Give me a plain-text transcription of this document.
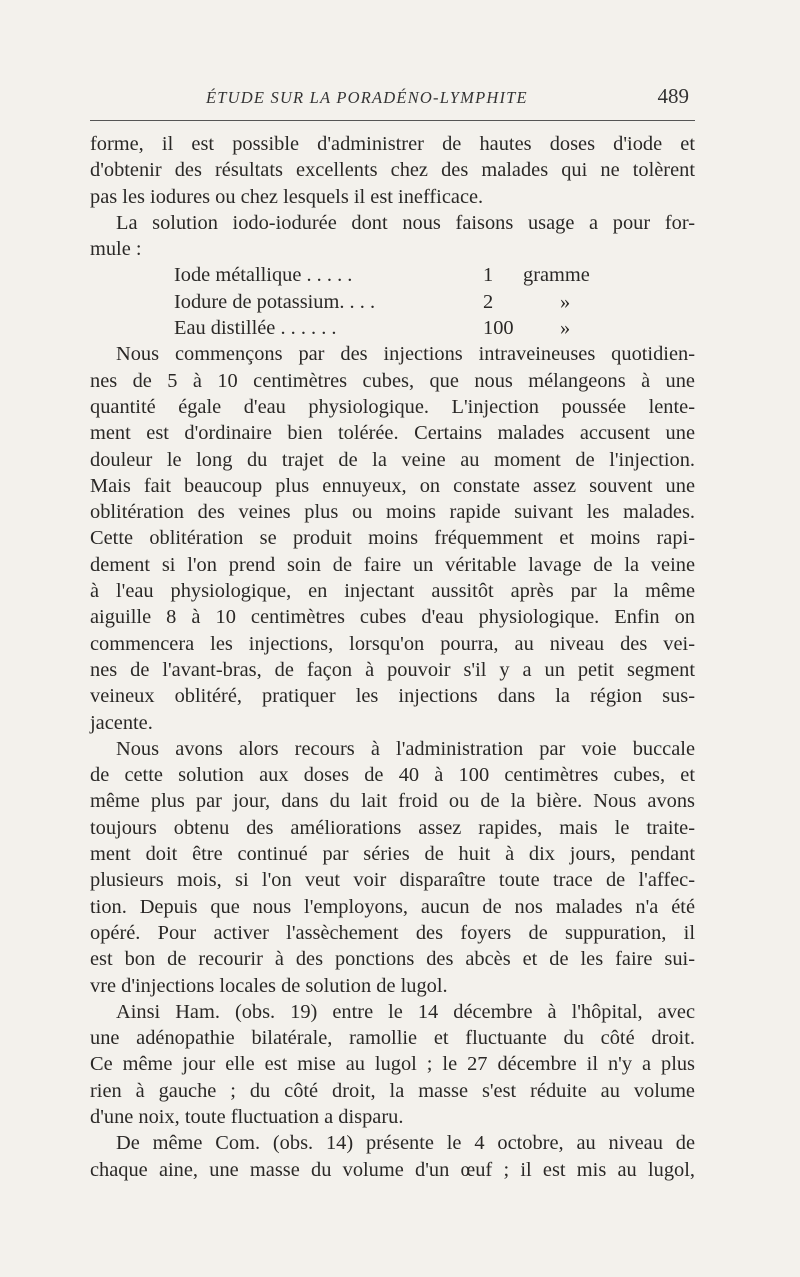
ÉTUDE SUR LA PORADÉNO-LYMPHITE	489
forme, il est possible d'administrer de hautes doses d'iode et
d'obtenir des résultats excellents chez des malades qui ne tolèrent
pas les iodures ou chez lesquels il est inefficace.
La solution iodo-iodurée dont nous faisons usage a pour for-
mule :
Iode métallique . . . . .	1 gramme
Iodure de potassium. . . .	2	»
Eau distillée . . . . . .	100 »
Nous commençons par des injections intraveineuses quotidien-
nes de 5 à 10 centimètres cubes, que nous mélangeons à une
quantité égale d'eau physiologique. L'injection poussée lente-
ment est d'ordinaire bien tolérée. Certains malades accusent une
douleur le long du trajet de la veine au moment de l'injection.
Mais fait beaucoup plus ennuyeux, on constate assez souvent une
oblitération des veines plus ou moins rapide suivant les malades.
Cette oblitération se produit moins fréquemment et moins rapi-
dement si l'on prend soin de faire un véritable lavage de la veine
à l'eau physiologique, en injectant aussitôt après par la même
aiguille 8 à 10 centimètres cubes d'eau physiologique. Enfin on
commencera les injections, lorsqu'on pourra, au niveau des vei-
nes de l'avant-bras, de façon à pouvoir s'il y a un petit segment
veineux oblitéré, pratiquer les injections dans la région sus-
jacente.
Nous avons alors recours à l'administration par voie buccale
de cette solution aux doses de 40 à 100 centimètres cubes, et
même plus par jour, dans du lait froid ou de la bière. Nous avons
toujours obtenu des améliorations assez rapides, mais le traite-
ment doit être continué par séries de huit à dix jours, pendant
plusieurs mois, si l'on veut voir disparaître toute trace de l'affec-
tion. Depuis que nous l'employons, aucun de nos malades n'a été
opéré. Pour activer l'assèchement des foyers de suppuration, il
est bon de recourir à des ponctions des abcès et de les faire sui-
vre d'injections locales de solution de lugol.
Ainsi Ham. (obs. 19) entre le 14 décembre à l'hôpital, avec
une adénopathie bilatérale, ramollie et fluctuante du côté droit.
Ce même jour elle est mise au lugol ; le 27 décembre il n'y a plus
rien à gauche ; du côté droit, la masse s'est réduite au volume
d'une noix, toute fluctuation a disparu.
De même Com. (obs. 14) présente le 4 octobre, au niveau de
chaque aine, une masse du volume d'un œuf ; il est mis au lugol,
